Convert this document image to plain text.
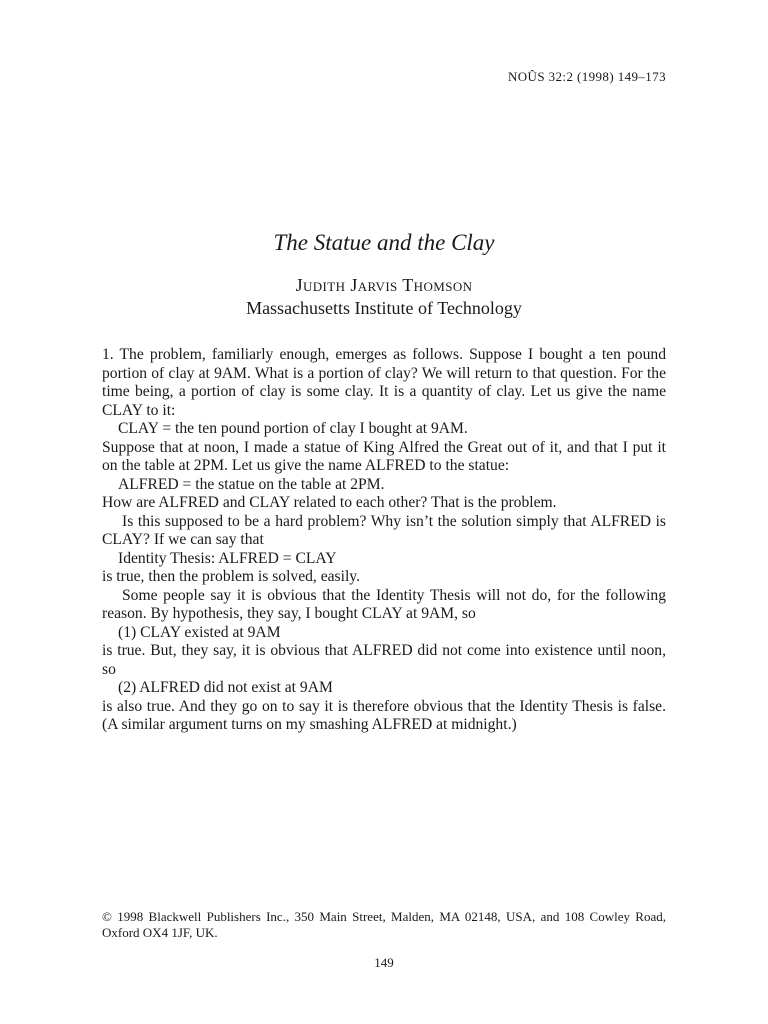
NOÛS 32:2 (1998) 149–173
The Statue and the Clay
Judith Jarvis Thomson
Massachusetts Institute of Technology

1. The problem, familiarly enough, emerges as follows. Suppose I bought a ten pound portion of clay at 9AM. What is a portion of clay? We will return to that question. For the time being, a portion of clay is some clay. It is a quantity of clay. Let us give the name CLAY to it:

CLAY = the ten pound portion of clay I bought at 9AM.

Suppose that at noon, I made a statue of King Alfred the Great out of it, and that I put it on the table at 2PM. Let us give the name ALFRED to the statue:

ALFRED = the statue on the table at 2PM.

How are ALFRED and CLAY related to each other? That is the problem.

Is this supposed to be a hard problem? Why isn’t the solution simply that ALFRED is CLAY? If we can say that

Identity Thesis: ALFRED = CLAY

is true, then the problem is solved, easily.

Some people say it is obvious that the Identity Thesis will not do, for the following reason. By hypothesis, they say, I bought CLAY at 9AM, so

(1) CLAY existed at 9AM

is true. But, they say, it is obvious that ALFRED did not come into existence until noon, so

(2) ALFRED did not exist at 9AM

is also true. And they go on to say it is therefore obvious that the Identity Thesis is false. (A similar argument turns on my smashing ALFRED at midnight.)

© 1998 Blackwell Publishers Inc., 350 Main Street, Malden, MA 02148, USA, and 108 Cowley Road, Oxford OX4 1JF, UK.
149
